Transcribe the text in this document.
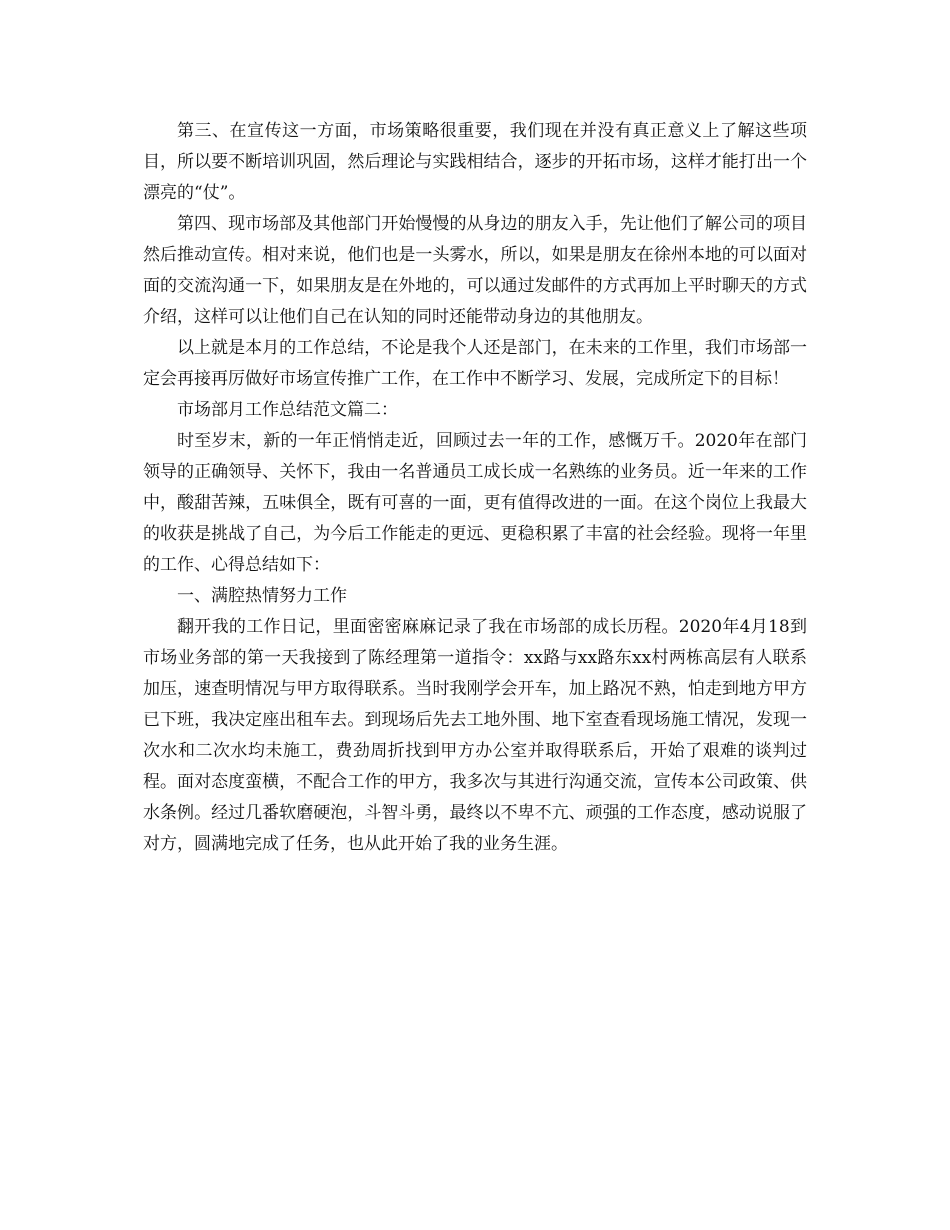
第三、在宣传这一方面，市场策略很重要，我们现在并没有真正意义上了解这些项目，所以要不断培训巩固，然后理论与实践相结合，逐步的开拓市场，这样才能打出一个漂亮的“仗”。

第四、现市场部及其他部门开始慢慢的从身边的朋友入手，先让他们了解公司的项目然后推动宣传。相对来说，他们也是一头雾水，所以，如果是朋友在徐州本地的可以面对面的交流沟通一下，如果朋友是在外地的，可以通过发邮件的方式再加上平时聊天的方式介绍，这样可以让他们自己在认知的同时还能带动身边的其他朋友。

以上就是本月的工作总结，不论是我个人还是部门，在未来的工作里，我们市场部一定会再接再厉做好市场宣传推广工作，在工作中不断学习、发展，完成所定下的目标！

市场部月工作总结范文篇二：

时至岁末，新的一年正悄悄走近，回顾过去一年的工作，感慨万千。2020年在部门领导的正确领导、关怀下，我由一名普通员工成长成一名熟练的业务员。近一年来的工作中，酸甜苦辣，五味俱全，既有可喜的一面，更有值得改进的一面。在这个岗位上我最大的收获是挑战了自己，为今后工作能走的更远、更稳积累了丰富的社会经验。现将一年里的工作、心得总结如下：

一、满腔热情努力工作

翻开我的工作日记，里面密密麻麻记录了我在市场部的成长历程。2020年4月18到市场业务部的第一天我接到了陈经理第一道指令：xx路与xx路东xx村两栋高层有人联系加压，速查明情况与甲方取得联系。当时我刚学会开车，加上路况不熟，怕走到地方甲方已下班，我决定座出租车去。到现场后先去工地外围、地下室查看现场施工情况，发现一次水和二次水均未施工，费劲周折找到甲方办公室并取得联系后，开始了艰难的谈判过程。面对态度蛮横，不配合工作的甲方，我多次与其进行沟通交流，宣传本公司政策、供水条例。经过几番软磨硬泡，斗智斗勇，最终以不卑不亢、顽强的工作态度，感动说服了对方，圆满地完成了任务，也从此开始了我的业务生涯。
